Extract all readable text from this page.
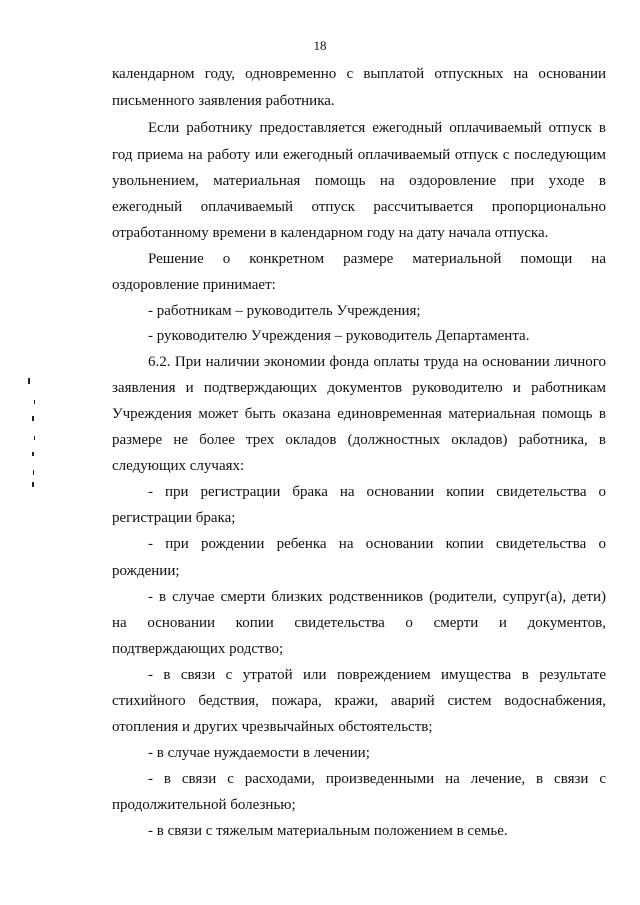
18
календарном году, одновременно с выплатой отпускных на основании
письменного заявления работника.
Если работнику предоставляется ежегодный оплачиваемый отпуск в
год приема на работу или ежегодный оплачиваемый отпуск с последующим
увольнением, материальная помощь на оздоровление при уходе в
ежегодный оплачиваемый отпуск рассчитывается пропорционально
отработанному времени в календарном году на дату начала отпуска.
Решение о конкретном размере материальной помощи на
оздоровление принимает:
- работникам – руководитель Учреждения;
- руководителю Учреждения – руководитель Департамента.
6.2. При наличии экономии фонда оплаты труда на основании личного
заявления и подтверждающих документов руководителю и работникам
Учреждения может быть оказана единовременная материальная помощь в
размере не более трех окладов (должностных окладов) работника, в
следующих случаях:
- при регистрации брака на основании копии свидетельства о
регистрации брака;
- при рождении ребенка на основании копии свидетельства о
рождении;
- в случае смерти близких родственников (родители, супруг(а), дети)
на основании копии свидетельства о смерти и документов,
подтверждающих родство;
- в связи с утратой или повреждением имущества в результате
стихийного бедствия, пожара, кражи, аварий систем водоснабжения,
отопления и других чрезвычайных обстоятельств;
- в случае нуждаемости в лечении;
- в связи с расходами, произведенными на лечение, в связи с
продолжительной болезнью;
- в связи с тяжелым материальным положением в семье.
